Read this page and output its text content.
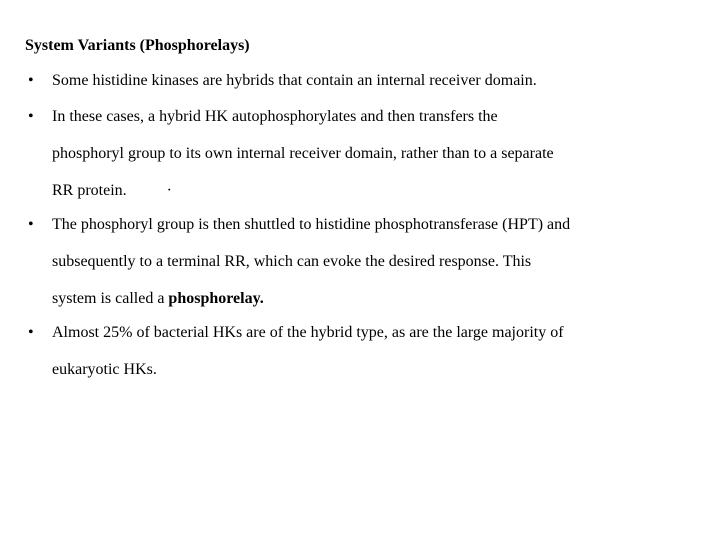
System Variants (Phosphorelays)
•	Some histidine kinases are hybrids that contain an internal receiver domain.
•	In these cases, a hybrid HK autophosphorylates and then transfers the
phosphoryl group to its own internal receiver domain, rather than to a separate
RR protein.	·
•	The phosphoryl group is then shuttled to histidine phosphotransferase (HPT) and
subsequently to a terminal RR, which can evoke the desired response. This
system is called a phosphorelay.
•	Almost 25% of bacterial HKs are of the hybrid type, as are the large majority of
eukaryotic HKs.
